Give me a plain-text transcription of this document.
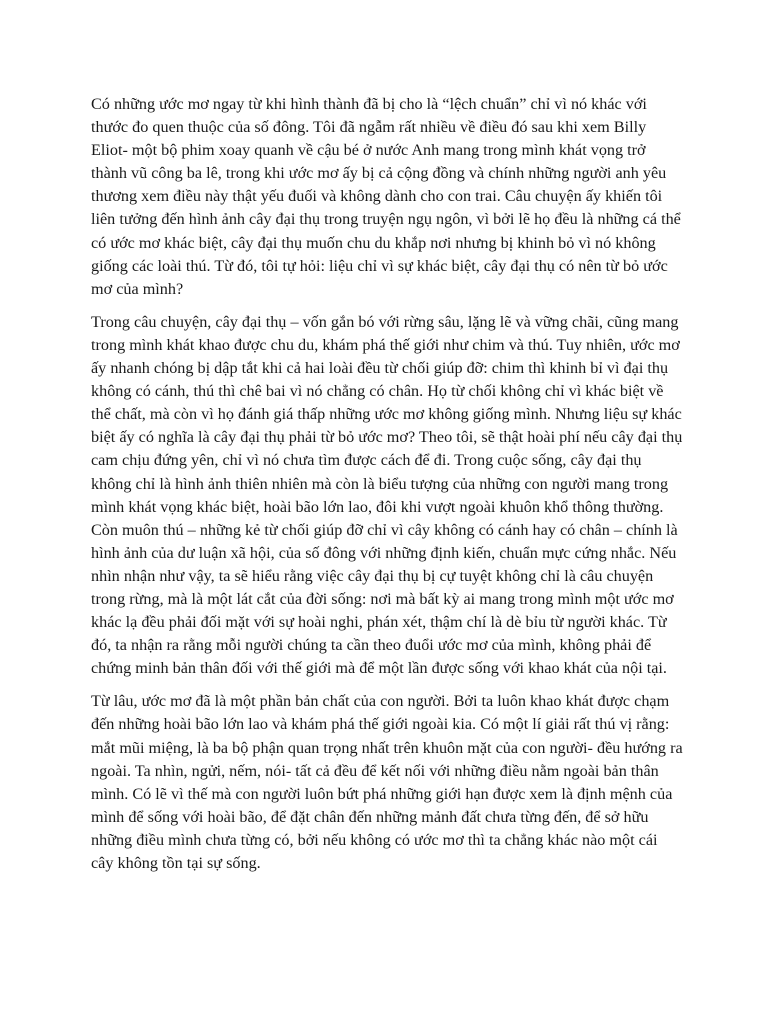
Có những ước mơ ngay từ khi hình thành đã bị cho là “lệch chuẩn” chỉ vì nó khác với thước đo quen thuộc của số đông. Tôi đã ngẫm rất nhiều về điều đó sau khi xem Billy Eliot- một bộ phim xoay quanh về cậu bé ở nước Anh mang trong mình khát vọng trở thành vũ công ba lê, trong khi ước mơ ấy bị cả cộng đồng và chính những người anh yêu thương xem điều này thật yếu đuối và không dành cho con trai. Câu chuyện ấy khiến tôi liên tưởng đến hình ảnh cây đại thụ trong truyện ngụ ngôn, vì bởi lẽ họ đều là những cá thể có ước mơ khác biệt, cây đại thụ muốn chu du khắp nơi nhưng bị khinh bỏ vì nó không giống các loài thú. Từ đó, tôi tự hỏi: liệu chỉ vì sự khác biệt, cây đại thụ có nên từ bỏ ước mơ của mình?

Trong câu chuyện, cây đại thụ – vốn gắn bó với rừng sâu, lặng lẽ và vững chãi, cũng mang trong mình khát khao được chu du, khám phá thế giới như chim và thú. Tuy nhiên, ước mơ ấy nhanh chóng bị dập tắt khi cả hai loài đều từ chối giúp đỡ: chim thì khinh bỉ vì đại thụ không có cánh, thú thì chê bai vì nó chẳng có chân. Họ từ chối không chỉ vì khác biệt về thể chất, mà còn vì họ đánh giá thấp những ước mơ không giống mình. Nhưng liệu sự khác biệt ấy có nghĩa là cây đại thụ phải từ bỏ ước mơ? Theo tôi, sẽ thật hoài phí nếu cây đại thụ cam chịu đứng yên, chỉ vì nó chưa tìm được cách để đi. Trong cuộc sống, cây đại thụ không chỉ là hình ảnh thiên nhiên mà còn là biểu tượng của những con người mang trong mình khát vọng khác biệt, hoài bão lớn lao, đôi khi vượt ngoài khuôn khổ thông thường. Còn muôn thú – những kẻ từ chối giúp đỡ chỉ vì cây không có cánh hay có chân – chính là hình ảnh của dư luận xã hội, của số đông với những định kiến, chuẩn mực cứng nhắc. Nếu nhìn nhận như vậy, ta sẽ hiểu rằng việc cây đại thụ bị cự tuyệt không chỉ là câu chuyện trong rừng, mà là một lát cắt của đời sống: nơi mà bất kỳ ai mang trong mình một ước mơ khác lạ đều phải đối mặt với sự hoài nghi, phán xét, thậm chí là dè bỉu từ người khác. Từ đó, ta nhận ra rằng mỗi người chúng ta cần theo đuổi ước mơ của mình, không phải để chứng minh bản thân đối với thế giới mà để một lần được sống với khao khát của nội tại.

Từ lâu, ước mơ đã là một phần bản chất của con người. Bởi ta luôn khao khát được chạm đến những hoài bão lớn lao và khám phá thế giới ngoài kia. Có một lí giải rất thú vị rằng: mắt mũi miệng, là ba bộ phận quan trọng nhất trên khuôn mặt của con người- đều hướng ra ngoài. Ta nhìn, ngửi, nếm, nói- tất cả đều để kết nối với những điều nằm ngoài bản thân mình. Có lẽ vì thế mà con người luôn bứt phá những giới hạn được xem là định mệnh của mình để sống với hoài bão, để đặt chân đến những mảnh đất chưa từng đến, để sở hữu những điều mình chưa từng có, bởi nếu không có ước mơ thì ta chẳng khác nào một cái cây không tồn tại sự sống.
